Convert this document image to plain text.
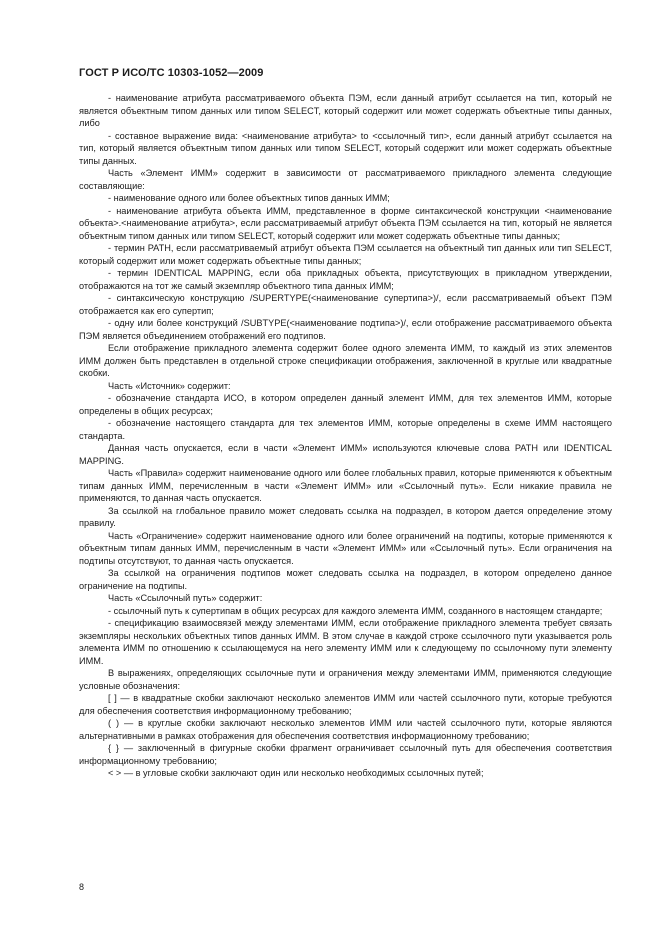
ГОСТ Р ИСО/ТС 10303-1052—2009

- наименование атрибута рассматриваемого объекта ПЭМ, если данный атрибут ссылается на тип, который не является объектным типом данных или типом SELECT, который содержит или может содержать объектные типы данных, либо

- составное выражение вида: <наименование атрибута> to <ссылочный тип>, если данный атрибут ссылается на тип, который является объектным типом данных или типом SELECT, который содержит или может содержать объектные типы данных.

Часть «Элемент ИММ» содержит в зависимости от рассматриваемого прикладного элемента следующие составляющие:

- наименование одного или более объектных типов данных ИММ;

- наименование атрибута объекта ИММ, представленное в форме синтаксической конструкции <наименование объекта>.<наименование атрибута>, если рассматриваемый атрибут объекта ПЭМ ссылается на тип, который не является объектным типом данных или типом SELECT, который содержит или может содержать объектные типы данных;

- термин PATH, если рассматриваемый атрибут объекта ПЭМ ссылается на объектный тип данных или тип SELECT, который содержит или может содержать объектные типы данных;

- термин IDENTICAL MAPPING, если оба прикладных объекта, присутствующих в прикладном утверждении, отображаются на тот же самый экземпляр объектного типа данных ИММ;

- синтаксическую конструкцию /SUPERTYPE(<наименование супертипа>)/, если рассматриваемый объект ПЭМ отображается как его супертип;

- одну или более конструкций /SUBTYPE(<наименование подтипа>)/, если отображение рассматриваемого объекта ПЭМ является объединением отображений его подтипов.

Если отображение прикладного элемента содержит более одного элемента ИММ, то каждый из этих элементов ИММ должен быть представлен в отдельной строке спецификации отображения, заключенной в круглые или квадратные скобки.

Часть «Источник» содержит:

- обозначение стандарта ИСО, в котором определен данный элемент ИММ, для тех элементов ИММ, которые определены в общих ресурсах;

- обозначение настоящего стандарта для тех элементов ИММ, которые определены в схеме ИММ настоящего стандарта.

Данная часть опускается, если в части «Элемент ИММ» используются ключевые слова PATH или IDENTICAL MAPPING.

Часть «Правила» содержит наименование одного или более глобальных правил, которые применяются к объектным типам данных ИММ, перечисленным в части «Элемент ИММ» или «Ссылочный путь». Если никакие правила не применяются, то данная часть опускается.

За ссылкой на глобальное правило может следовать ссылка на подраздел, в котором дается определение этому правилу.

Часть «Ограничение» содержит наименование одного или более ограничений на подтипы, которые применяются к объектным типам данных ИММ, перечисленным в части «Элемент ИММ» или «Ссылочный путь». Если ограничения на подтипы отсутствуют, то данная часть опускается.

За ссылкой на ограничения подтипов может следовать ссылка на подраздел, в котором определено данное ограничение на подтипы.

Часть «Ссылочный путь» содержит:

- ссылочный путь к супертипам в общих ресурсах для каждого элемента ИММ, созданного в настоящем стандарте;

- спецификацию взаимосвязей между элементами ИММ, если отображение прикладного элемента требует связать экземпляры нескольких объектных типов данных ИММ. В этом случае в каждой строке ссылочного пути указывается роль элемента ИММ по отношению к ссылающемуся на него элементу ИММ или к следующему по ссылочному пути элементу ИММ.

В выражениях, определяющих ссылочные пути и ограничения между элементами ИММ, применяются следующие условные обозначения:

[ ] — в квадратные скобки заключают несколько элементов ИММ или частей ссылочного пути, которые требуются для обеспечения соответствия информационному требованию;

( ) — в круглые скобки заключают несколько элементов ИММ или частей ссылочного пути, которые являются альтернативными в рамках отображения для обеспечения соответствия информационному требованию;

{ } — заключенный в фигурные скобки фрагмент ограничивает ссылочный путь для обеспечения соответствия информационному требованию;

< > — в угловые скобки заключают один или несколько необходимых ссылочных путей;

8
